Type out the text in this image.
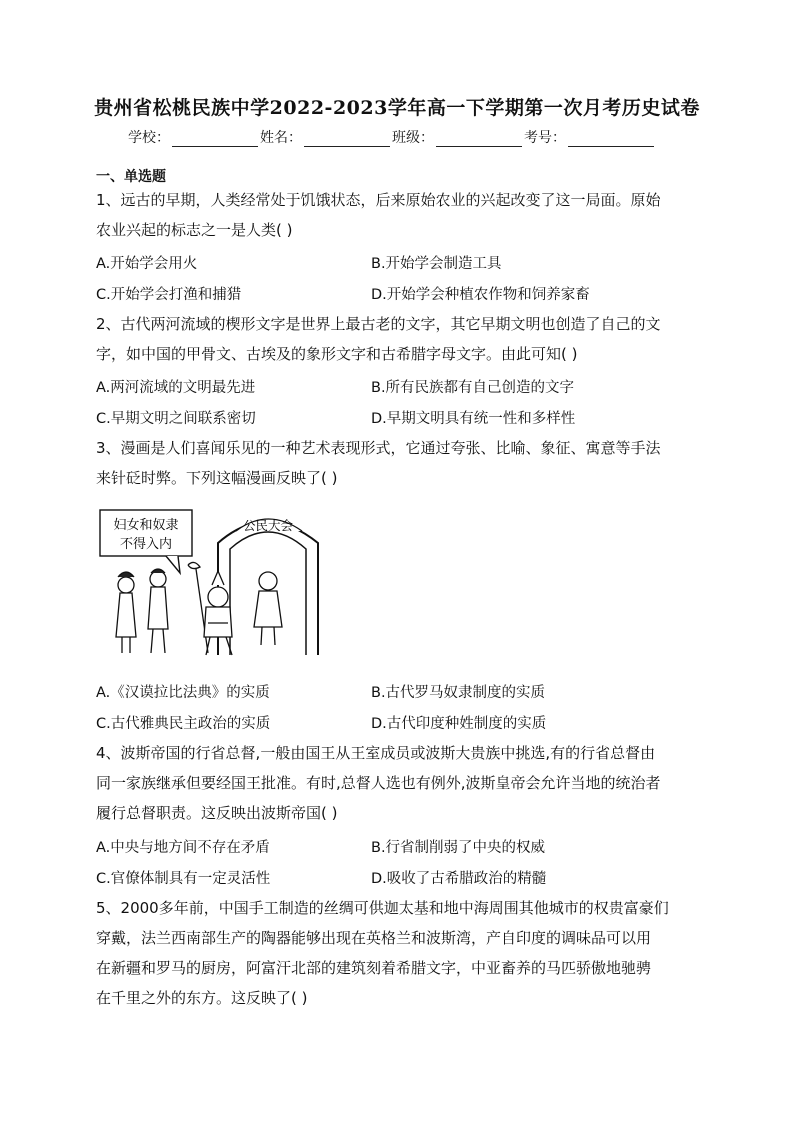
贵州省松桃民族中学2022-2023学年高一下学期第一次月考历史试卷
学校：	姓名：	班级：	考号：
一、单选题
1、远古的早期，人类经常处于饥饿状态，后来原始农业的兴起改变了这一局面。原始
农业兴起的标志之一是人类( )
A.开始学会用火	B.开始学会制造工具
C.开始学会打渔和捕猎	D.开始学会种植农作物和饲养家畜
2、古代两河流域的楔形文字是世界上最古老的文字，其它早期文明也创造了自己的文
字，如中国的甲骨文、古埃及的象形文字和古希腊字母文字。由此可知( )
A.两河流域的文明最先进	B.所有民族都有自己创造的文字
C.早期文明之间联系密切	D.早期文明具有统一性和多样性
3、漫画是人们喜闻乐见的一种艺术表现形式，它通过夸张、比喻、象征、寓意等手法
来针砭时弊。下列这幅漫画反映了( )
妇女和奴隶
不得入内
公民大会
A.《汉谟拉比法典》的实质	B.古代罗马奴隶制度的实质
C.古代雅典民主政治的实质	D.古代印度种姓制度的实质
4、波斯帝国的行省总督,一般由国王从王室成员或波斯大贵族中挑选,有的行省总督由
同一家族继承但要经国王批准。有时,总督人选也有例外,波斯皇帝会允许当地的统治者
履行总督职责。这反映出波斯帝国( )
A.中央与地方间不存在矛盾	B.行省制削弱了中央的权威
C.官僚体制具有一定灵活性	D.吸收了古希腊政治的精髓
5、2000多年前，中国手工制造的丝绸可供迦太基和地中海周围其他城市的权贵富豪们
穿戴，法兰西南部生产的陶器能够出现在英格兰和波斯湾，产自印度的调味品可以用
在新疆和罗马的厨房，阿富汗北部的建筑刻着希腊文字，中亚畜养的马匹骄傲地驰骋
在千里之外的东方。这反映了( )
